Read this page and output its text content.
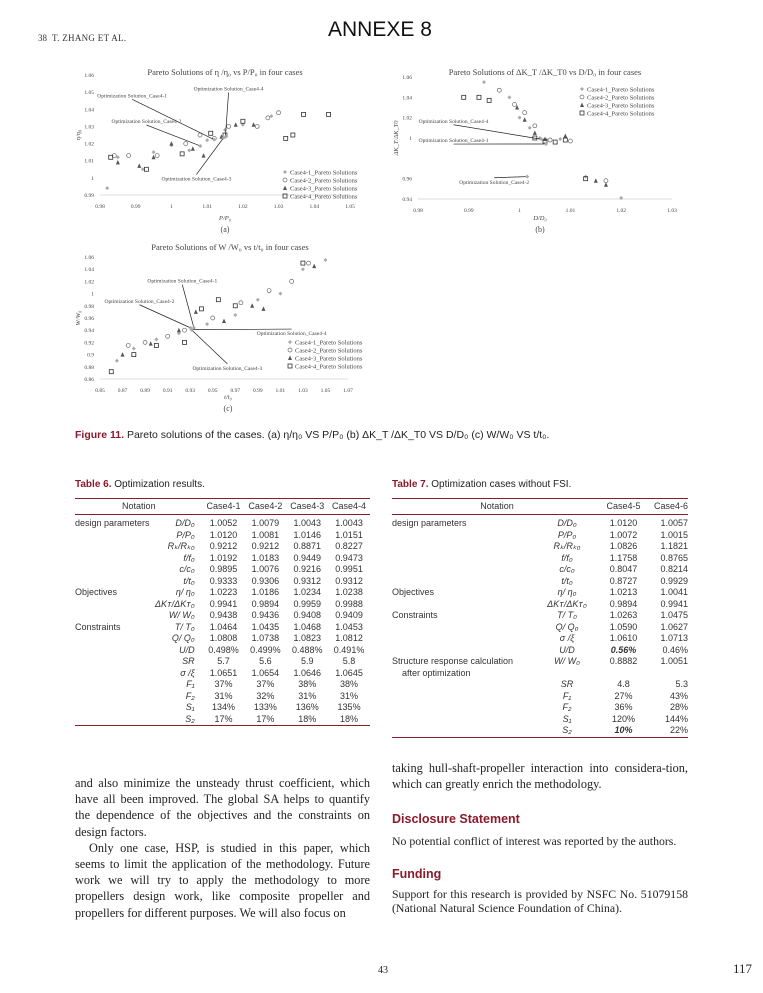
38 T. ZHANG ET AL.	ANNEXE 8
Pareto Solutions of η /η₀ vs P/P₀ in four cases
0.98	0.99	1	1.01	1.02	1.03	1.04	1.05
0.99
1
1.01
1.02
1.03
1.04
1.05
1.06
P/P₀
η/η₀
(a)
Case4-1_Pareto Solutions
Case4-2_Pareto Solutions
Case4-3_Pareto Solutions
Case4-4_Pareto Solutions
Optimization Solution_Case4-1
Optimization Solution_Case4-4
Optimization Solution_Case4-2
Optimization Solution_Case4-3
Pareto Solutions of ΔK_T /ΔK_T0 vs D/D₀ in four cases
0.98	0.99	1	1.01	1.02	1.03
0.94
0.96
1
1.02
1.04
1.06
D/D₀
ΔK_T/ΔK_T0
(b)
Case4-1_Pareto Solutions
Case4-2_Pareto Solutions
Case4-3_Pareto Solutions
Case4-4_Pareto Solutions
Optimization Solution_Case4-4
Optimization Solution_Case4-1
Optimization Solution_Case4-2
Pareto Solutions of W /W₀ vs t/t₀ in four cases
0.85 0.87 0.89 0.91 0.93 0.95 0.97 0.99 1.01 1.03 1.05 1.07
0.86
0.88
0.9
0.92
0.94
0.96
0.98
1
1.02
1.04
1.06
t/t₀
W/W₀
(c)
Case4-1_Pareto Solutions
Case4-2_Pareto Solutions
Case4-3_Pareto Solutions
Case4-4_Pareto Solutions
Optimization Solution_Case4-1
Optimization Solution_Case4-2
Optimization Solution_Case4-4
Optimization Solution_Case4-3
Figure 11. Pareto solutions of the cases. (a) η/η₀ VS P/P₀ (b) ΔK_T /ΔK_T0 VS D/D₀ (c) W/W₀ VS t/t₀.
Table 6. Optimization results.
Notation		Case4-1	Case4-2	Case4-3	Case4-4
design parameters	D/D₀	1.0052	1.0079	1.0043	1.0043
	P/P₀	1.0120	1.0081	1.0146	1.0151
	Rₖ/Rₖ₀	0.9212	0.9212	0.8871	0.8227
	f/f₀	1.0192	1.0183	0.9449	0.9473
	c/c₀	0.9895	1.0076	0.9216	0.9951
	t/t₀	0.9333	0.9306	0.9312	0.9312
Objectives	η/ η₀	1.0223	1.0186	1.0234	1.0238
	ΔKᴛ/ΔKᴛ₀	0.9941	0.9894	0.9959	0.9988
	W/ W₀	0.9438	0.9436	0.9408	0.9409
Constraints	T/ T₀	1.0464	1.0435	1.0468	1.0453
	Q/ Q₀	1.0808	1.0738	1.0823	1.0812
	U/D	0.498%	0.499%	0.488%	0.491%
	SR	5.7	5.6	5.9	5.8
	σ /ξ	1.0651	1.0654	1.0646	1.0645
	F₁	37%	37%	38%	38%
	F₂	31%	32%	31%	31%
	S₁	134%	133%	136%	135%
	S₂	17%	17%	18%	18%
Table 7. Optimization cases without FSI.
Notation		Case4-5	Case4-6
design parameters	D/D₀	1.0120	1.0057
	P/P₀	1.0072	1.0015
	Rₖ/Rₖ₀	1.0826	1.1821
	f/f₀	1.1758	0.8765
	c/c₀	0.8047	0.8214
	t/t₀	0.8727	0.9929
Objectives	η/ η₀	1.0213	1.0041
	ΔKᴛ/ΔKᴛ₀	0.9894	0.9941
Constraints	T/ T₀	1.0263	1.0475
	Q/ Q₀	1.0590	1.0627
	σ /ξ	1.0610	1.0713
	U/D	0.56%	0.46%
Structure response calculation	W/ W₀	0.8882	1.0051
after optimization			
	SR	4.8	5.3
	F₁	27%	43%
	F₂	36%	28%
	S₁	120%	144%
	S₂	10%	22%

and also minimize the unsteady thrust coefficient, which have all been improved. The global SA helps to quantify the dependence of the objectives and the constraints on design factors.

Only one case, HSP, is studied in this paper, which seems to limit the application of the methodology. Future work we will try to apply the methodology to more propellers design work, like composite propeller and propellers for different purposes. We will also focus on

taking hull-shaft-propeller interaction into considera-tion, which can greatly enrich the methodology.

Disclosure Statement

No potential conflict of interest was reported by the authors.

Funding

Support for this research is provided by NSFC No. 51079158 (National Natural Science Foundation of China).

43	117
